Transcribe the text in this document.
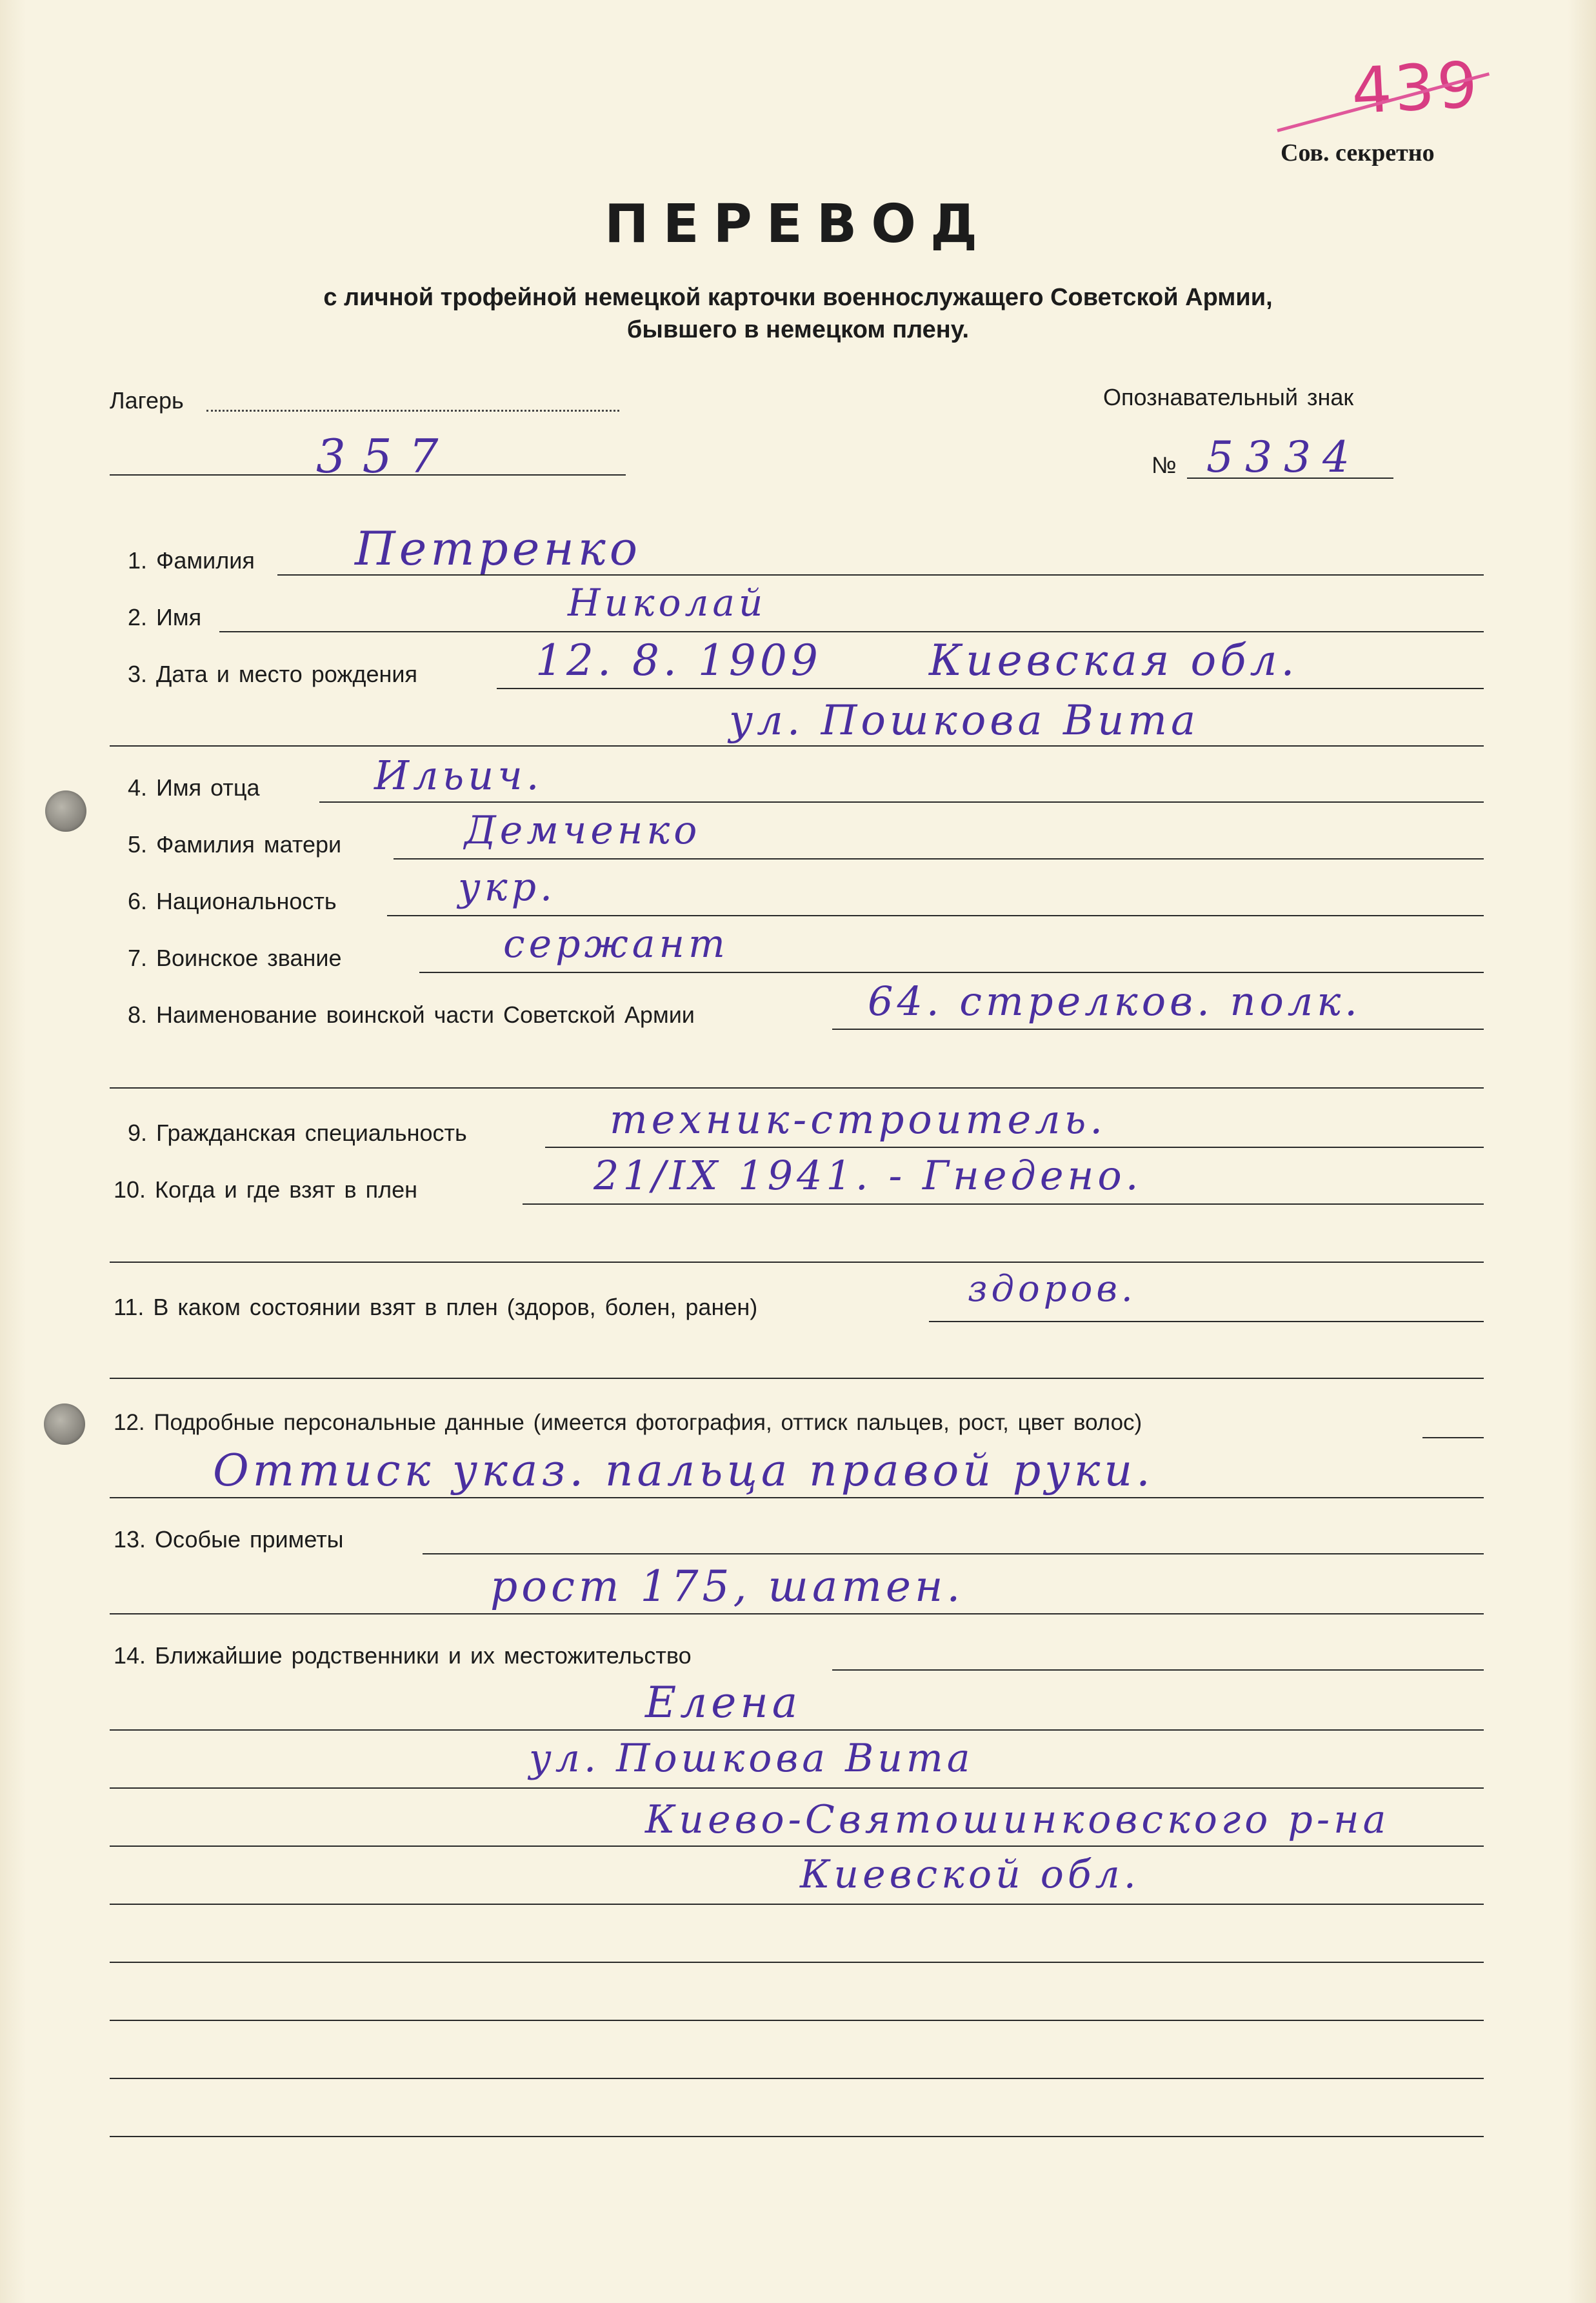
439
Сов. секретно
ПЕРЕВОД
с личной трофейной немецкой карточки военнослужащего Советской Армии,
бывшего в немецком плену.
Лагерь
357
Опознавательный знак
№ 5334
1. Фамилия Петренко
2. Имя	Николай
3. Дата и место рождения	12. 8. 1909	Киевская обл.
ул. Пошкова Вита
4. Имя отца	Ильич.
5. Фамилия матери	Демченко
6. Национальность	укр.
7. Воинское звание	сержант
8. Наименование воинской части Советской Армии	64. стрелков. полк.
9. Гражданская специальность	техник-строитель.
10. Когда и где взят в плен	21/IX 1941. - Гнедено.
11. В каком состоянии взят в плен (здоров, болен, ранен)	здоров.
12. Подробные персональные данные (имеется фотография, оттиск пальцев, рост, цвет волос)
Оттиск указ. пальца правой руки.
13. Особые приметы
рост 175, шатен.
14. Ближайшие родственники и их местожительство
Елена
ул. Пошкова Вита
Киево-Святошинковского р-на
Киевской обл.
